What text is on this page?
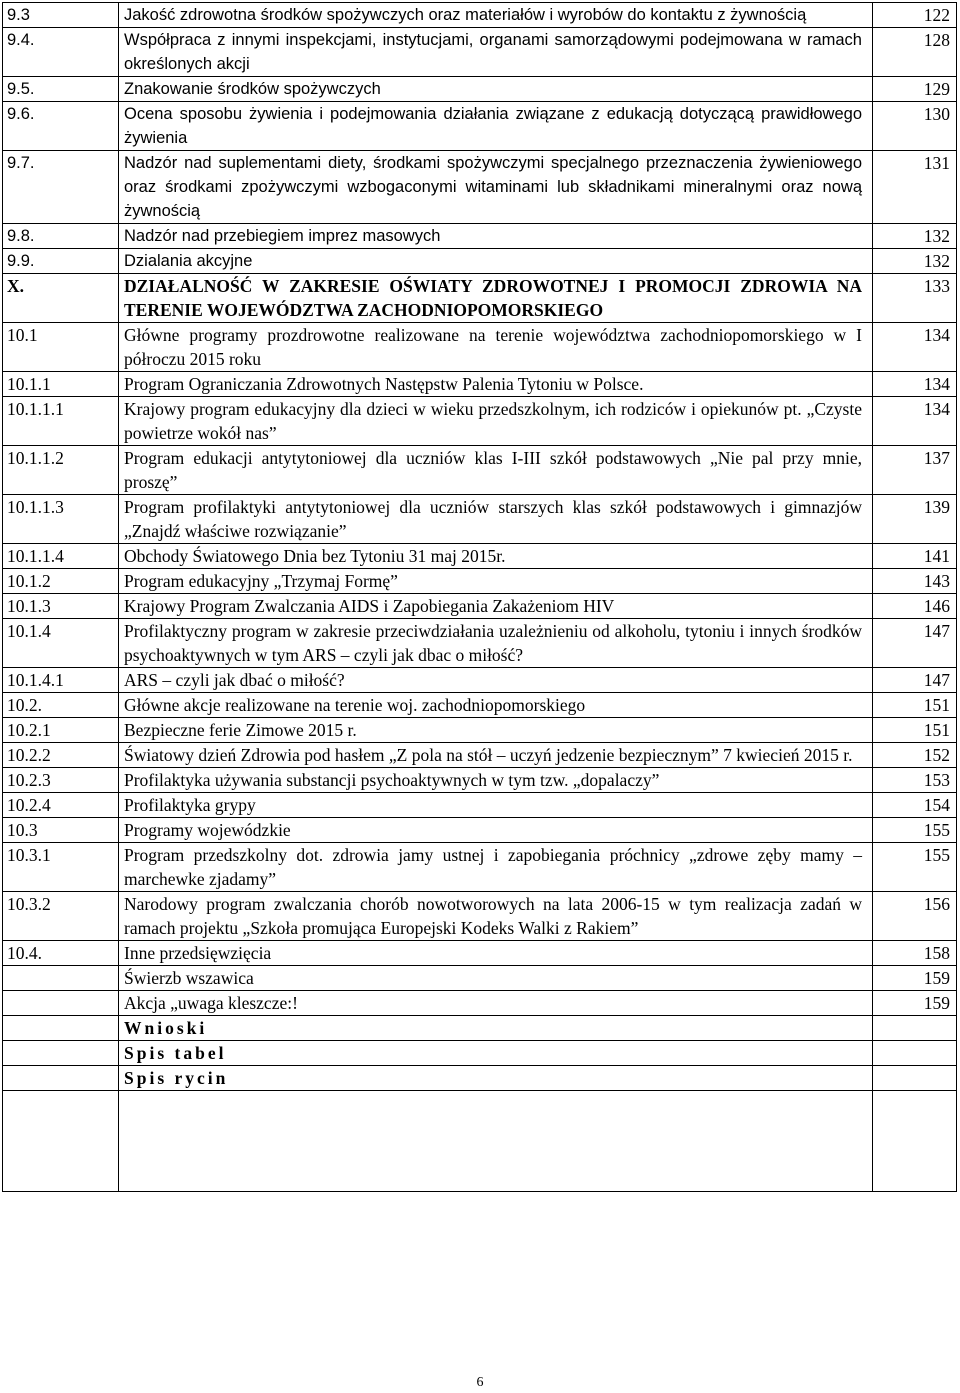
9.3	Jakość zdrowotna środków spożywczych oraz materiałów i wyrobów do kontaktu z żywnością	122
9.4.	Współpraca z innymi inspekcjami, instytucjami, organami samorządowymi podejmowana w ramach określonych akcji	128
9.5.	Znakowanie środków spożywczych	129
9.6.	Ocena sposobu żywienia i podejmowania działania związane z edukacją dotyczącą prawidłowego żywienia	130
9.7.	Nadzór nad suplementami diety, środkami spożywczymi specjalnego przeznaczenia żywieniowego oraz środkami zpożywczymi wzbogaconymi witaminami lub składnikami mineralnymi oraz nową żywnością	131
9.8.	Nadzór nad przebiegiem imprez masowych	132
9.9.	Dzialania akcyjne	132
X.	DZIAŁALNOŚĆ W ZAKRESIE OŚWIATY ZDROWOTNEJ I PROMOCJI ZDROWIA NA TERENIE WOJEWÓDZTWA ZACHODNIOPOMORSKIEGO	133
10.1	Główne programy prozdrowotne realizowane na terenie województwa zachodniopomorskiego w I półroczu 2015 roku	134
10.1.1	Program Ograniczania Zdrowotnych Następstw Palenia Tytoniu w Polsce.	134
10.1.1.1	Krajowy program edukacyjny dla dzieci w wieku przedszkolnym, ich rodziców i opiekunów pt. „Czyste powietrze wokół nas”	134
10.1.1.2	Program edukacji antytytoniowej dla uczniów klas I-III szkół podstawowych „Nie pal przy mnie, proszę”	137
10.1.1.3	Program profilaktyki antytytoniowej dla uczniów starszych klas szkół podstawowych i gimnazjów „Znajdź właściwe rozwiązanie”	139
10.1.1.4	Obchody Światowego Dnia bez Tytoniu 31 maj 2015r.	141
10.1.2	Program edukacyjny „Trzymaj Formę”	143
10.1.3	Krajowy Program Zwalczania AIDS i Zapobiegania Zakażeniom HIV	146
10.1.4	Profilaktyczny program w zakresie przeciwdziałania uzależnieniu od alkoholu, tytoniu i innych środków psychoaktywnych w tym ARS – czyli jak dbac o miłość?	147
10.1.4.1	ARS – czyli jak dbać o miłość?	147
10.2.	Główne akcje realizowane na terenie woj. zachodniopomorskiego	151
10.2.1	Bezpieczne ferie Zimowe 2015 r.	151
10.2.2	Światowy dzień Zdrowia pod hasłem „Z pola na stół – uczyń jedzenie bezpiecznym” 7 kwiecień 2015 r.	152
10.2.3	Profilaktyka używania substancji psychoaktywnych w tym tzw. „dopalaczy”	153
10.2.4	Profilaktyka grypy	154
10.3	Programy wojewódzkie	155
10.3.1	Program przedszkolny dot. zdrowia jamy ustnej i zapobiegania próchnicy „zdrowe zęby mamy – marchewke zjadamy”	155
10.3.2	Narodowy program zwalczania chorób nowotworowych na lata 2006-15 w tym realizacja zadań w ramach projektu „Szkoła promująca Europejski Kodeks Walki z Rakiem”	156
10.4.	Inne przedsięwzięcia	158
	Świerzb wszawica	159
	Akcja „uwaga kleszcze:!	159
	Wnioski	
	Spis tabel	
	Spis rycin	

6
